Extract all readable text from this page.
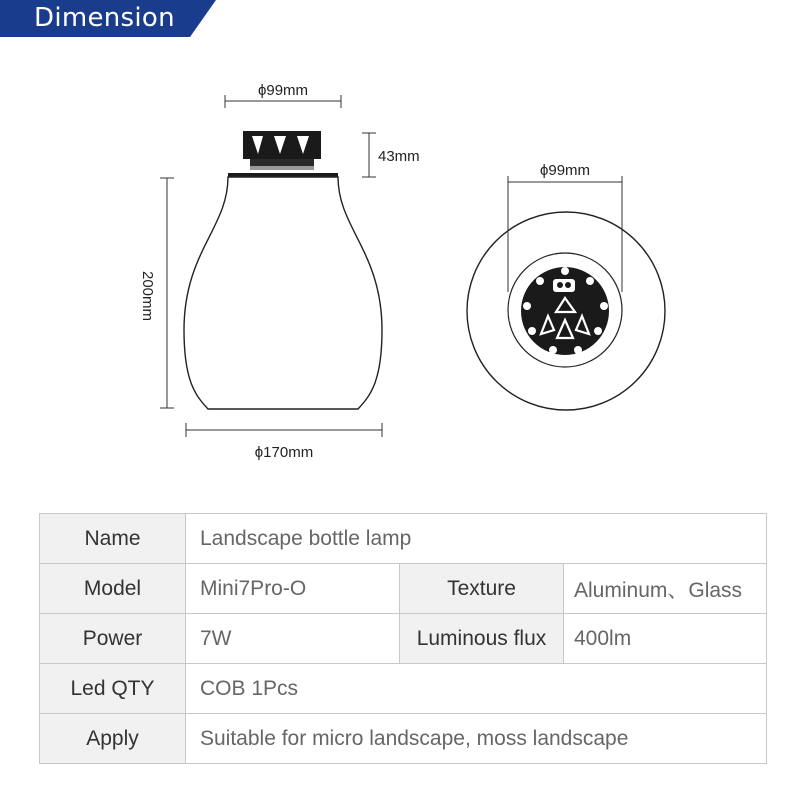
Dimension
ϕ99mm
43mm
200mm
ϕ170mm
ϕ99mm
Name	Landscape bottle lamp		
Model	Mini7Pro-O	Texture	Aluminum、Glass
Power	7W	Luminous flux	400lm
Led QTY	COB 1Pcs		
Apply	Suitable for micro landscape, moss landscape		
